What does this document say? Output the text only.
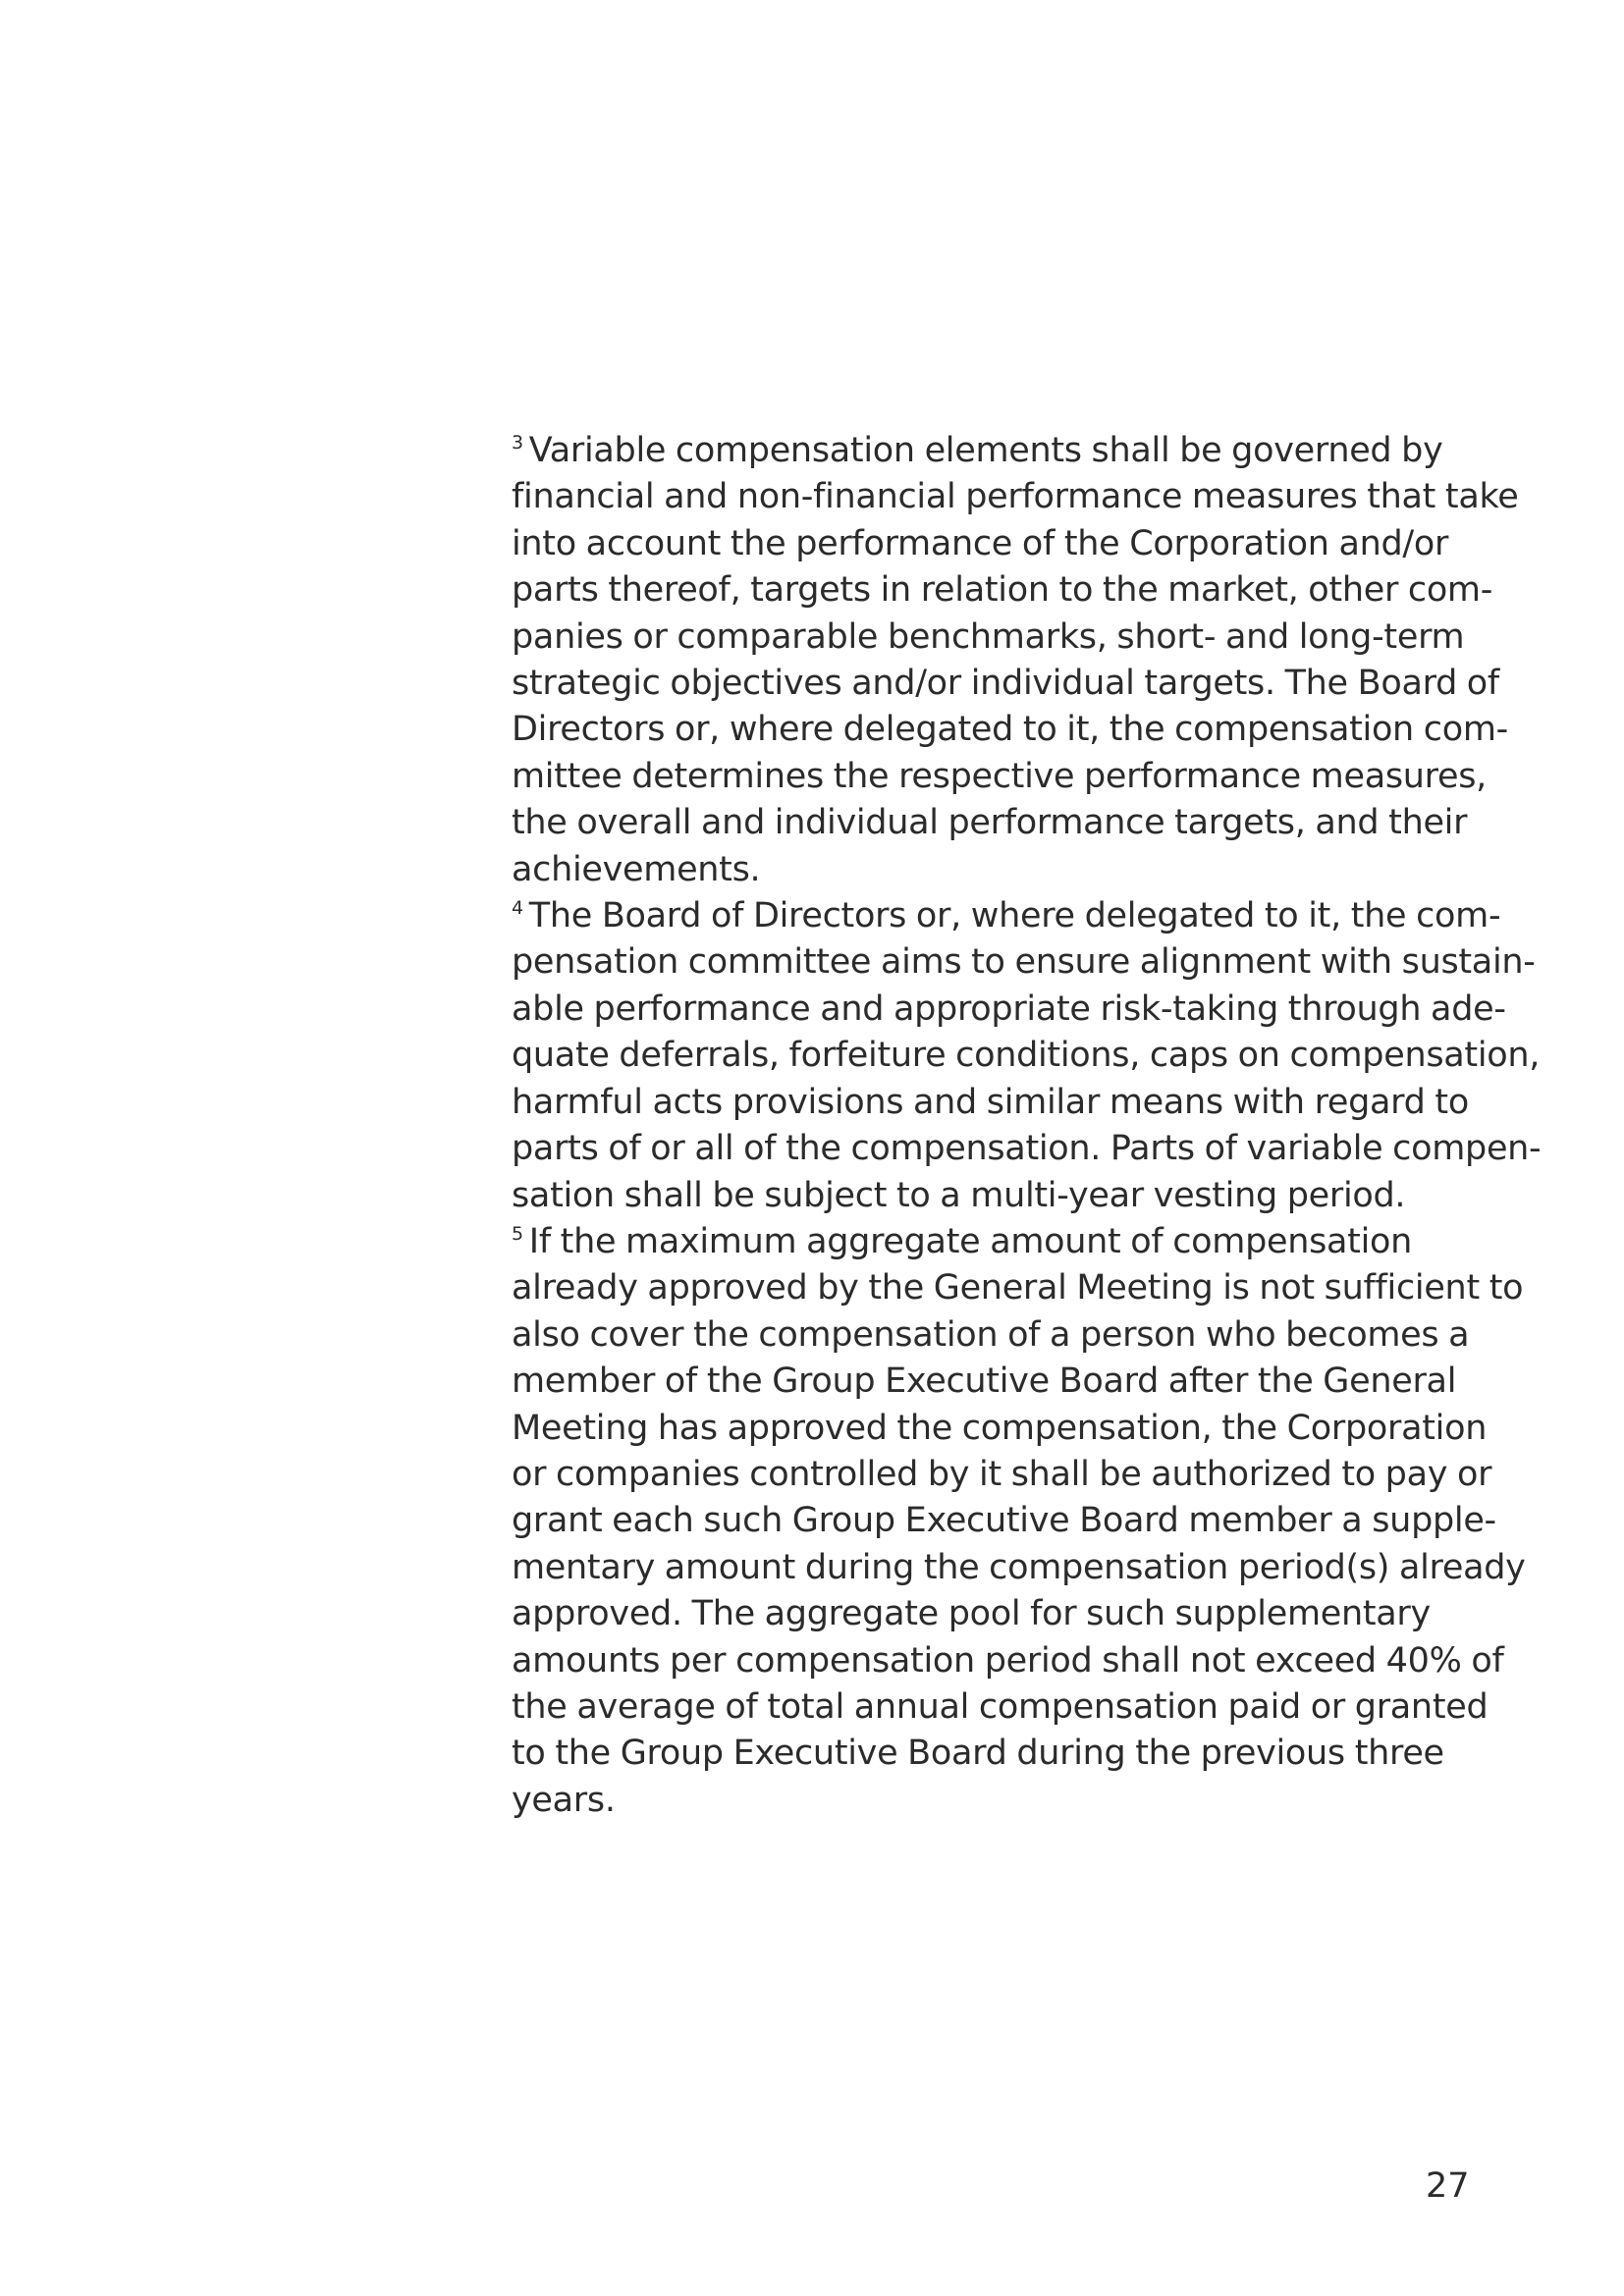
$^3$ Variable compensation elements shall be governed by
financial and non-financial performance measures that take
into account the performance of the Corporation and/or
parts thereof, targets in relation to the market, other com-
panies or comparable benchmarks, short- and long-term
strategic objectives and/or individual targets. The Board of
Directors or, where delegated to it, the compensation com-
mittee determines the respective performance measures,
the overall and individual performance targets, and their
achievements.
$^4$ The Board of Directors or, where delegated to it, the com-
pensation committee aims to ensure alignment with sustain-
able performance and appropriate risk-taking through ade-
quate deferrals, forfeiture conditions, caps on compensation,
harmful acts provisions and similar means with regard to
parts of or all of the compensation. Parts of variable compen-
sation shall be subject to a multi-year vesting period.
$^5$ If the maximum aggregate amount of compensation
already approved by the General Meeting is not sufficient to
also cover the compensation of a person who becomes a
member of the Group Executive Board after the General
Meeting has approved the compensation, the Corporation
or companies controlled by it shall be authorized to pay or
grant each such Group Executive Board member a supple-
mentary amount during the compensation period(s) already
approved. The aggregate pool for such supplementary
amounts per compensation period shall not exceed 40% of
the average of total annual compensation paid or granted
to the Group Executive Board during the previous three
years.
27
